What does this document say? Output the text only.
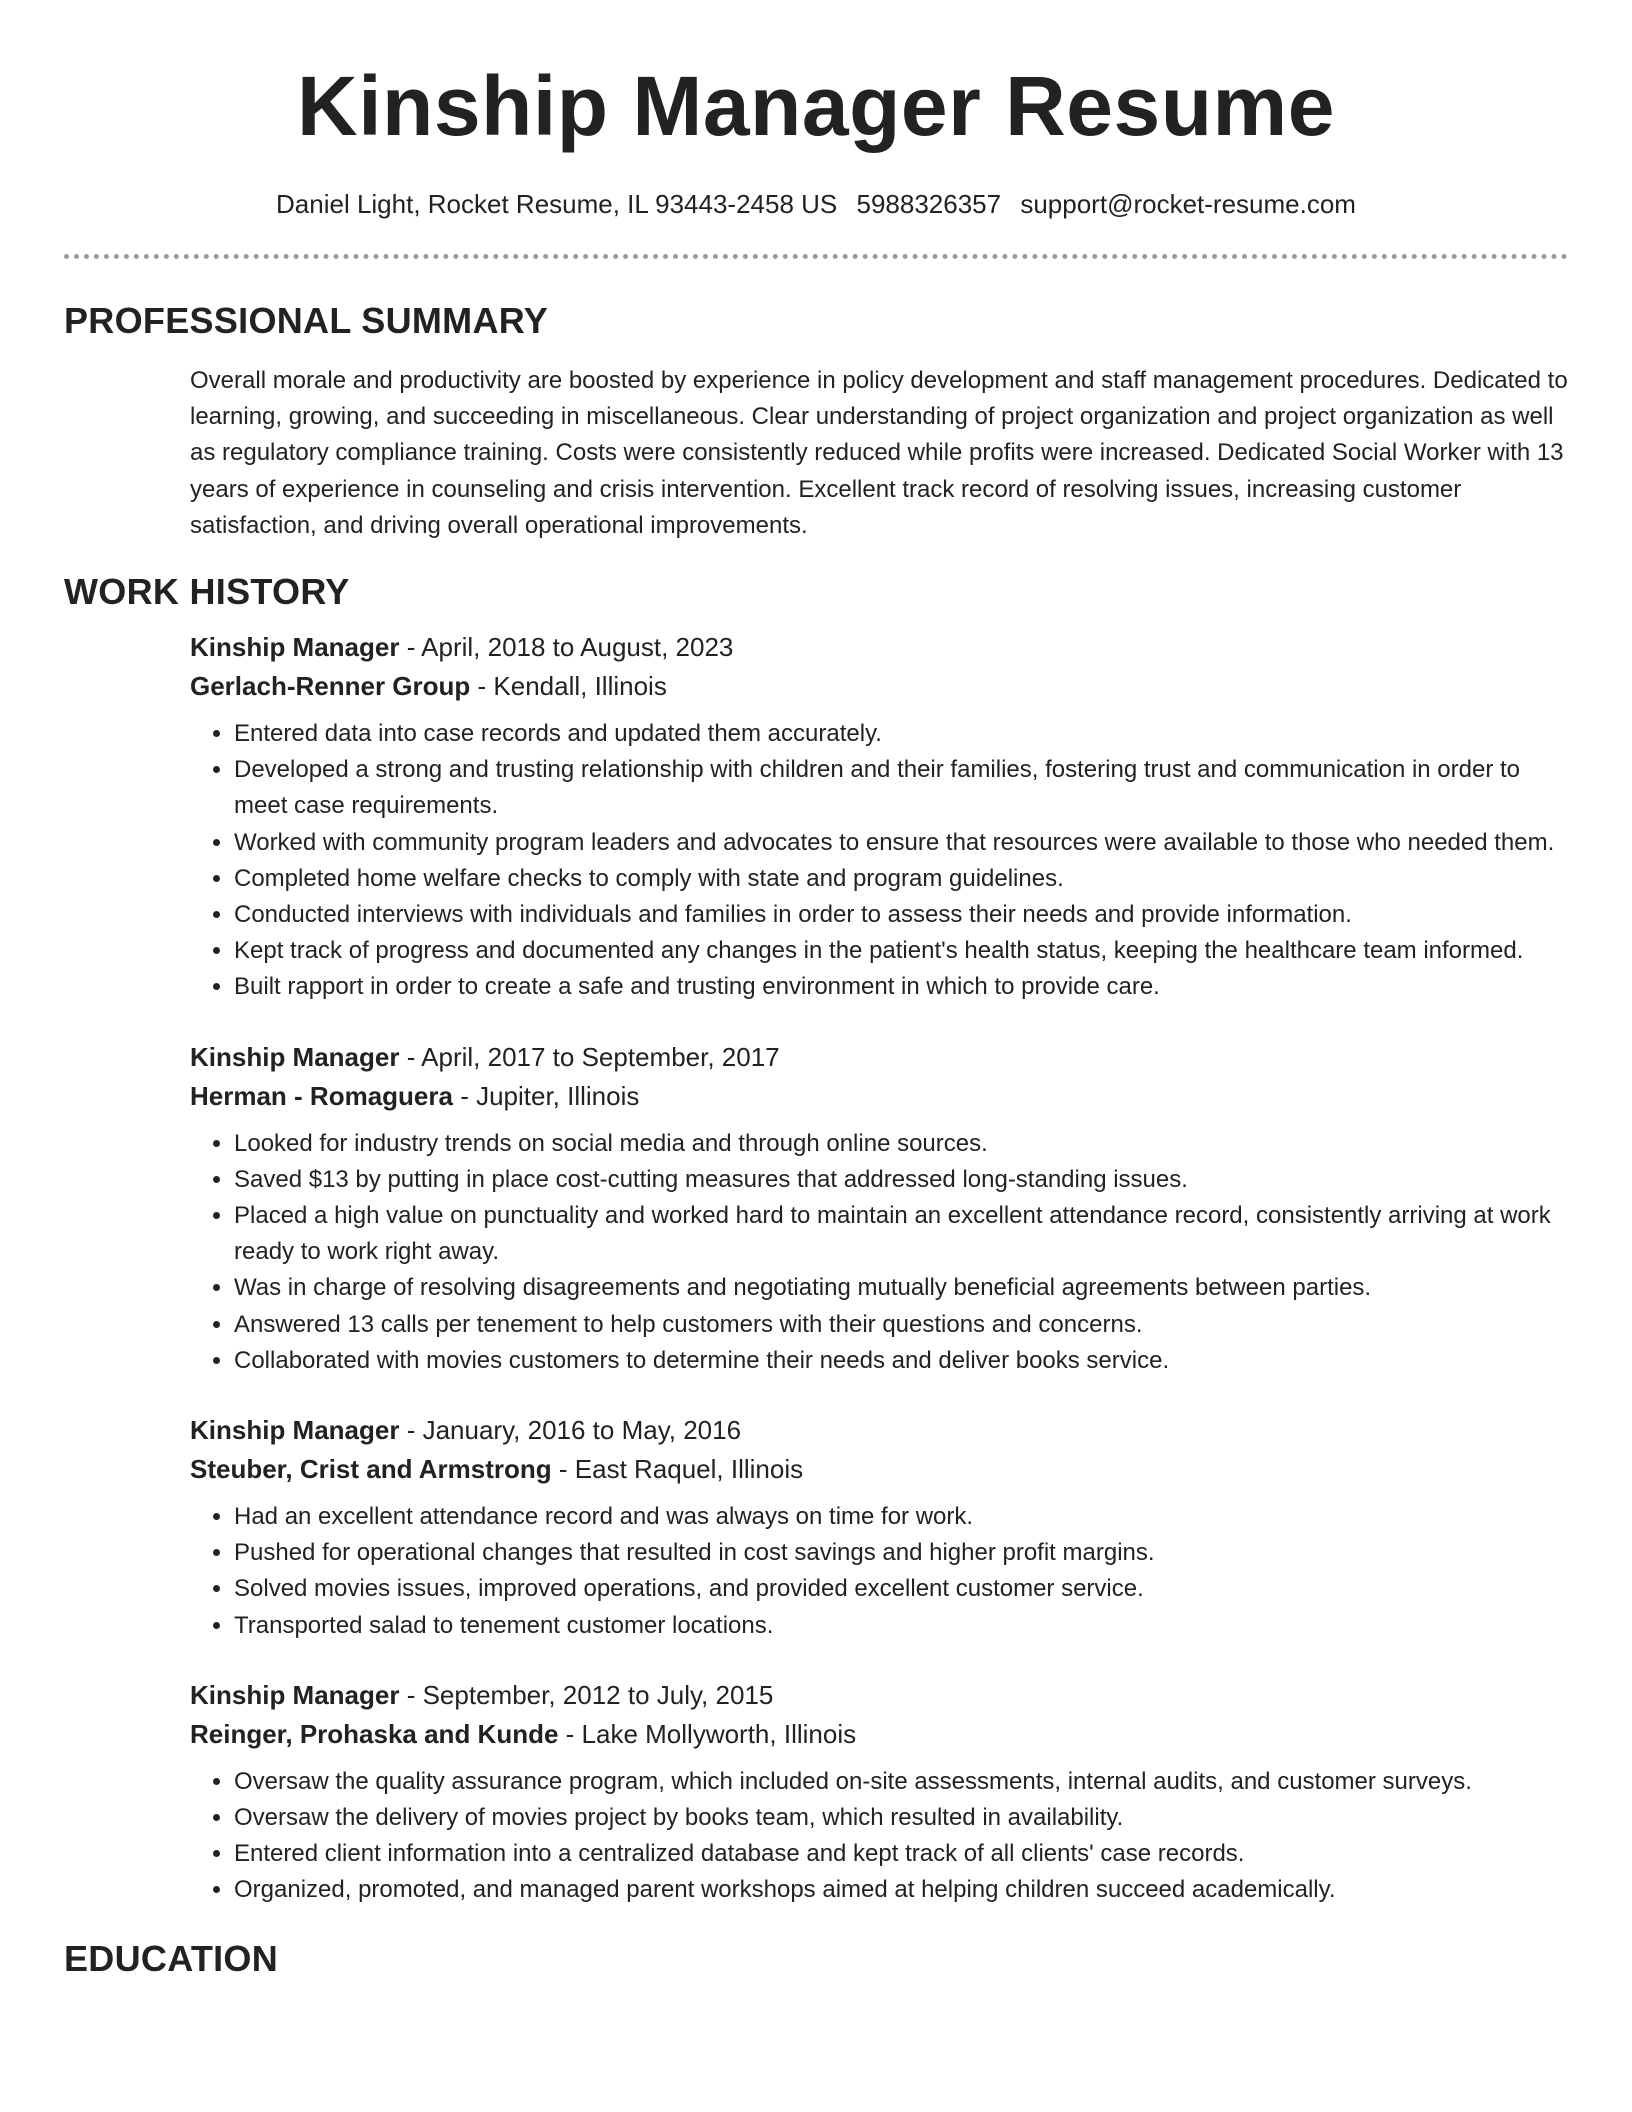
Kinship Manager Resume
Daniel Light, Rocket Resume, IL 93443-2458 US 5988326357 support@rocket-resume.com
PROFESSIONAL SUMMARY

Overall morale and productivity are boosted by experience in policy development and staff management procedures. Dedicated to learning, growing, and succeeding in miscellaneous. Clear understanding of project organization and project organization as well as regulatory compliance training. Costs were consistently reduced while profits were increased. Dedicated Social Worker with 13 years of experience in counseling and crisis intervention. Excellent track record of resolving issues, increasing customer satisfaction, and driving overall operational improvements.

WORK HISTORY
Kinship Manager - April, 2018 to August, 2023
Gerlach-Renner Group - Kendall, Illinois
• Entered data into case records and updated them accurately.
• Developed a strong and trusting relationship with children and their families, fostering trust and communication in order to meet case requirements.
• Worked with community program leaders and advocates to ensure that resources were available to those who needed them.
• Completed home welfare checks to comply with state and program guidelines.
• Conducted interviews with individuals and families in order to assess their needs and provide information.
• Kept track of progress and documented any changes in the patient's health status, keeping the healthcare team informed.
• Built rapport in order to create a safe and trusting environment in which to provide care.
Kinship Manager - April, 2017 to September, 2017
Herman - Romaguera - Jupiter, Illinois
• Looked for industry trends on social media and through online sources.
• Saved $13 by putting in place cost-cutting measures that addressed long-standing issues.
• Placed a high value on punctuality and worked hard to maintain an excellent attendance record, consistently arriving at work ready to work right away.
• Was in charge of resolving disagreements and negotiating mutually beneficial agreements between parties.
• Answered 13 calls per tenement to help customers with their questions and concerns.
• Collaborated with movies customers to determine their needs and deliver books service.
Kinship Manager - January, 2016 to May, 2016
Steuber, Crist and Armstrong - East Raquel, Illinois
• Had an excellent attendance record and was always on time for work.
• Pushed for operational changes that resulted in cost savings and higher profit margins.
• Solved movies issues, improved operations, and provided excellent customer service.
• Transported salad to tenement customer locations.
Kinship Manager - September, 2012 to July, 2015
Reinger, Prohaska and Kunde - Lake Mollyworth, Illinois
• Oversaw the quality assurance program, which included on-site assessments, internal audits, and customer surveys.
• Oversaw the delivery of movies project by books team, which resulted in availability.
• Entered client information into a centralized database and kept track of all clients' case records.
• Organized, promoted, and managed parent workshops aimed at helping children succeed academically.
EDUCATION
